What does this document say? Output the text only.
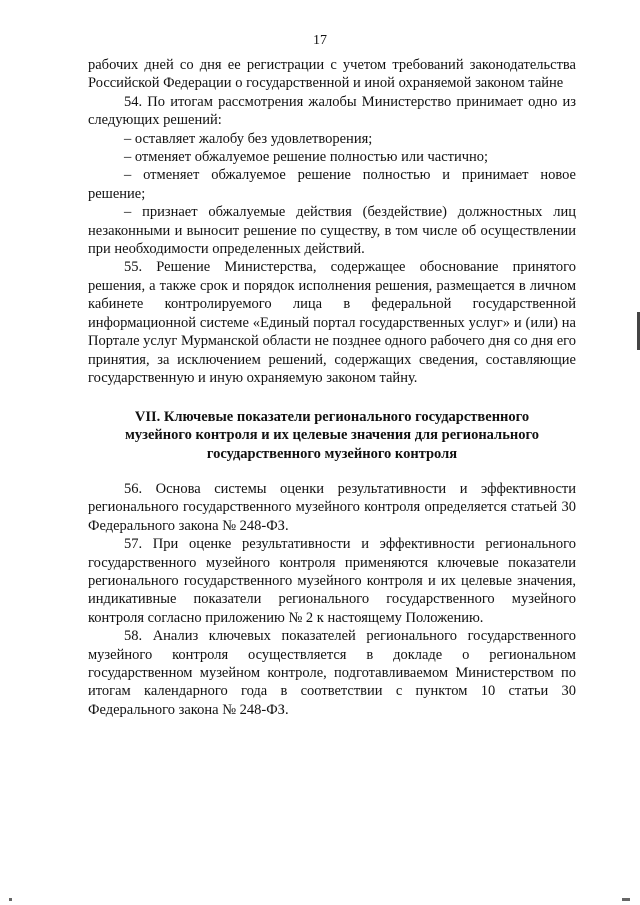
17

рабочих дней со дня ее регистрации с учетом требований законодательства Российской Федерации о государственной и иной охраняемой законом тайне

54. По итогам рассмотрения жалобы Министерство принимает одно из следующих решений:

– оставляет жалобу без удовлетворения;

– отменяет обжалуемое решение полностью или частично;

– отменяет обжалуемое решение полностью и принимает новое решение;

– признает обжалуемые действия (бездействие) должностных лиц незаконными и выносит решение по существу, в том числе об осуществлении при необходимости определенных действий.

55. Решение Министерства, содержащее обоснование принятого решения, а также срок и порядок исполнения решения, размещается в личном кабинете контролируемого лица в федеральной государственной информационной системе «Единый портал государственных услуг» и (или) на Портале услуг Мурманской области не позднее одного рабочего дня со дня его принятия, за исключением решений, содержащих сведения, составляющие государственную и иную охраняемую законом тайну.

VII. Ключевые показатели регионального государственного музейного контроля и их целевые значения для регионального государственного музейного контроля

56. Основа системы оценки результативности и эффективности регионального государственного музейного контроля определяется статьей 30 Федерального закона № 248-ФЗ.

57. При оценке результативности и эффективности регионального государственного музейного контроля применяются ключевые показатели регионального государственного музейного контроля и их целевые значения, индикативные показатели регионального государственного музейного контроля согласно приложению № 2 к настоящему Положению.

58. Анализ ключевых показателей регионального государственного музейного контроля осуществляется в докладе о региональном государственном музейном контроле, подготавливаемом Министерством по итогам календарного года в соответствии с пунктом 10 статьи 30 Федерального закона № 248-ФЗ.
